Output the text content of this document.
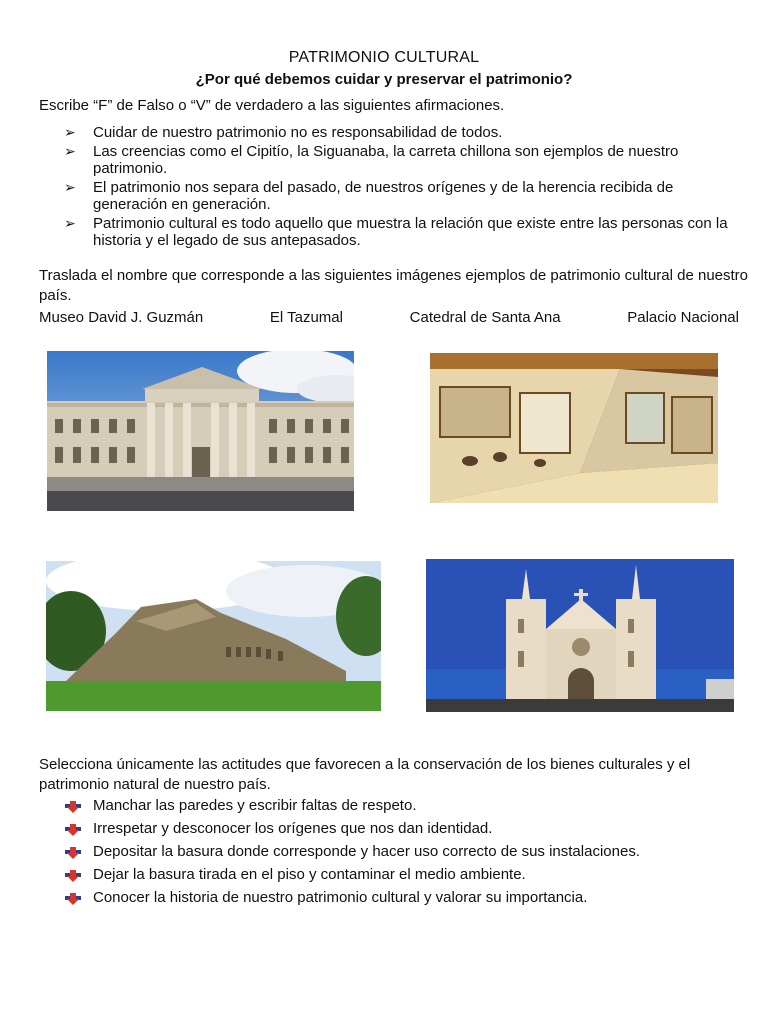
PATRIMONIO CULTURAL
¿Por qué debemos cuidar y preservar el patrimonio?
Escribe “F” de Falso o “V” de verdadero a las siguientes afirmaciones.
➢ Cuidar de nuestro patrimonio no es responsabilidad de todos.
➢ Las creencias como el Cipitío, la Siguanaba, la carreta chillona son ejemplos de nuestro patrimonio.
➢ El patrimonio nos separa del pasado, de nuestros orígenes y de la herencia recibida de generación en generación.
➢ Patrimonio cultural es todo aquello que muestra la relación que existe entre las personas con la historia y el legado de sus antepasados.
Traslada el nombre que corresponde a las siguientes imágenes ejemplos de patrimonio cultural de nuestro país.
Museo David J. Guzmán	El Tazumal	Catedral de Santa Ana	Palacio Nacional
Selecciona únicamente las actitudes que favorecen a la conservación de los bienes culturales y el patrimonio natural de nuestro país.
Manchar las paredes y escribir faltas de respeto.
Irrespetar y desconocer los orígenes que nos dan identidad.
Depositar la basura donde corresponde y hacer uso correcto de sus instalaciones.
Dejar la basura tirada en el piso y contaminar el medio ambiente.
Conocer la historia de nuestro patrimonio cultural y valorar su importancia.
